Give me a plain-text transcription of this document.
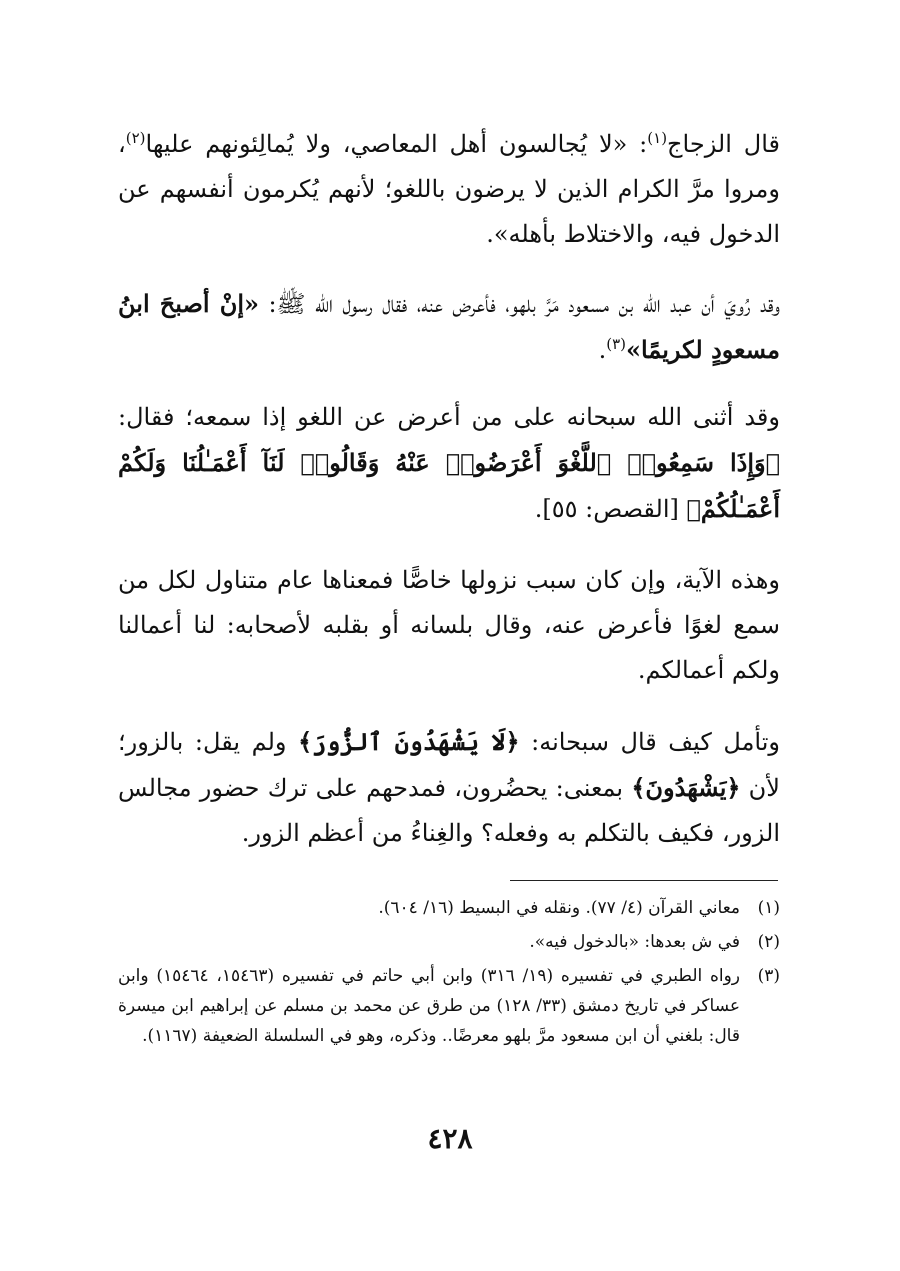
قال الزجاج$^{(١)}$: «لا يُجالسون أهل المعاصي، ولا يُمالِئونهم عليها$^{(٢)}$، ومروا مرَّ الكرام الذين لا يرضون باللغو؛ لأنهم يُكرمون أنفسهم عن الدخول فيه، والاختلاط بأهله».

وقد رُويَ أن عبد الله بن مسعود مَرَّ بلهو، فأعرض عنه، فقال رسول الله ﷺ: «إنْ أصبحَ ابنُ مسعودٍ لكريمًا»$^{(٣)}$.

وقد أثنى الله سبحانه على من أعرض عن اللغو إذا سمعه؛ فقال: ﴿وَإِذَا سَمِعُوا۟ ٱللَّغْوَ أَعْرَضُوا۟ عَنْهُ وَقَالُوا۟ لَنَآ أَعْمَـٰلُنَا وَلَكُمْ أَعْمَـٰلُكُمْ﴾ [القصص: ٥٥].

وهذه الآية، وإن كان سبب نزولها خاصًّا فمعناها عام متناول لكل من سمع لغوًا فأعرض عنه، وقال بلسانه أو بقلبه لأصحابه: لنا أعمالنا ولكم أعمالكم.

وتأمل كيف قال سبحانه: ﴿لَا يَشْهَدُونَ ٱلزُّورَ﴾ ولم يقل: بالزور؛ لأن ﴿يَشْهَدُونَ﴾ بمعنى: يحضُرون، فمدحهم على ترك حضور مجالس الزور، فكيف بالتكلم به وفعله؟ والغِناءُ من أعظم الزور.

(١)
معاني القرآن (٤/ ٧٧). ونقله في البسيط (١٦/ ٦٠٤).
(٢)
في ش بعدها: «بالدخول فيه».
(٣)
رواه الطبري في تفسيره (١٩/ ٣١٦) وابن أبي حاتم في تفسيره (١٥٤٦٣، ١٥٤٦٤) وابن عساكر في تاريخ دمشق (٣٣/ ١٢٨) من طرق عن محمد بن مسلم عن إبراهيم ابن ميسرة قال: بلغني أن ابن مسعود مرَّ بلهو معرضًا.. وذكره، وهو في السلسلة الضعيفة (١١٦٧).
٤٢٨
